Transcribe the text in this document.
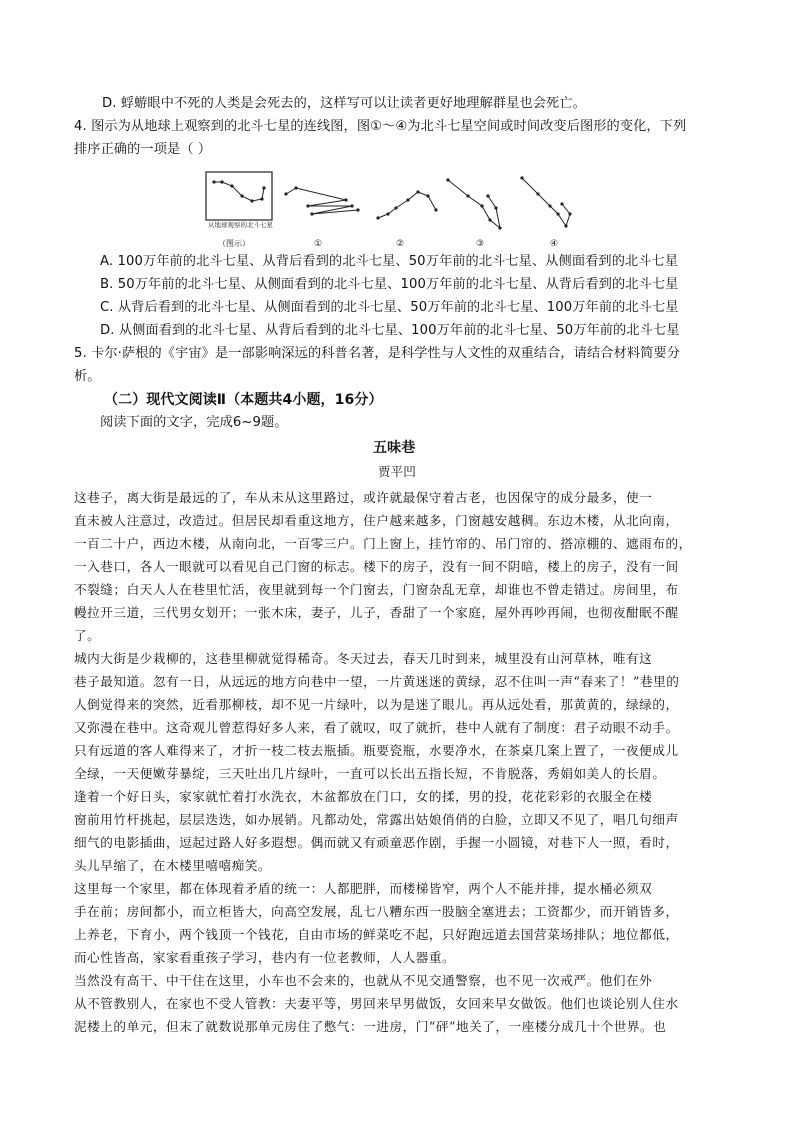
D. 蜉蝣眼中不死的人类是会死去的，这样写可以让读者更好地理解群星也会死亡。
4. 图示为从地球上观察到的北斗七星的连线图，图①～④为北斗七星空间或时间改变后图形的变化，下列
排序正确的一项是（ ）
从地球观察的北斗七星
（图示）	①	②	③	④
A. 100万年前的北斗七星、从背后看到的北斗七星、50万年前的北斗七星、从侧面看到的北斗七星
B. 50万年前的北斗七星、从侧面看到的北斗七星、100万年前的北斗七星、从背后看到的北斗七星
C. 从背后看到的北斗七星、从侧面看到的北斗七星、50万年前的北斗七星、100万年前的北斗七星
D. 从侧面看到的北斗七星、从背后看到的北斗七星、100万年前的北斗七星、50万年前的北斗七星
5. 卡尔·萨根的《宇宙》是一部影响深远的科普名著，是科学性与人文性的双重结合，请结合材料简要分
析。
（二）现代文阅读Ⅱ（本题共4小题，16分）
阅读下面的文字，完成6~9题。
五味巷
贾平凹
这巷子，离大街是最远的了，车从未从这里路过，或许就最保守着古老，也因保守的成分最多，使一
直未被人注意过，改造过。但居民却看重这地方，住户越来越多，门窗越安越稠。东边木楼，从北向南，
一百二十户，西边木楼，从南向北，一百零三户。门上窗上，挂竹帘的、吊门帘的、搭凉棚的、遮雨布的，
一入巷口，各人一眼就可以看见自己门窗的标志。楼下的房子，没有一间不阴暗，楼上的房子，没有一间
不裂缝；白天人人在巷里忙活，夜里就到每一个门窗去，门窗杂乱无章，却谁也不曾走错过。房间里，布
幔拉开三道，三代男女划开；一张木床，妻子，儿子，香甜了一个家庭，屋外再吵再闹，也彻夜酣眠不醒
了。
城内大街是少栽柳的，这巷里柳就觉得稀奇。冬天过去，春天几时到来，城里没有山河草林，唯有这
巷子最知道。忽有一日，从远远的地方向巷中一望，一片黄迷迷的黄绿，忍不住叫一声“春来了！”巷里的
人倒觉得来的突然，近看那柳枝，却不见一片绿叶，以为是迷了眼儿。再从远处看，那黄黄的，绿绿的，
又弥漫在巷中。这奇观儿曾惹得好多人来，看了就叹，叹了就折，巷中人就有了制度：君子动眼不动手。
只有远道的客人难得来了，才折一枝二枝去瓶插。瓶要瓷瓶，水要净水，在茶桌几案上置了，一夜便成儿
全绿，一天便嫩芽暴绽，三天吐出几片绿叶，一直可以长出五指长短，不肯脱落，秀娟如美人的长眉。
逢着一个好日头，家家就忙着打水洗衣，木盆都放在门口，女的揉，男的投，花花彩彩的衣服全在楼
窗前用竹杆挑起，层层迭迭，如办展销。凡都动处，常露出姑娘俏俏的白脸，立即又不见了，唱几句细声
细气的电影插曲，逗起过路人好多遐想。偶而就又有顽童恶作剧，手握一小圆镜，对巷下人一照，看时，
头儿早缩了，在木楼里嘻嘻痴笑。
这里每一个家里，都在体现着矛盾的统一：人都肥胖，而楼梯皆窄，两个人不能并排，提水桶必须双
手在前；房间都小，而立柜皆大，向高空发展，乱七八糟东西一股脑全塞进去；工资都少，而开销皆多，
上养老，下育小，两个钱顶一个钱花，自由市场的鲜菜吃不起，只好跑远道去国营菜场排队；地位都低，
而心性皆高，家家看重孩子学习，巷内有一位老教师，人人器重。
当然没有高干、中干住在这里，小车也不会来的，也就从不见交通警察，也不见一次戒严。他们在外
从不管教别人，在家也不受人管教：夫妻平等，男回来早男做饭，女回来早女做饭。他们也谈论别人住水
泥楼上的单元，但末了就数说那单元房住了憋气：一进房，门“砰”地关了，一座楼分成几十个世界。也
